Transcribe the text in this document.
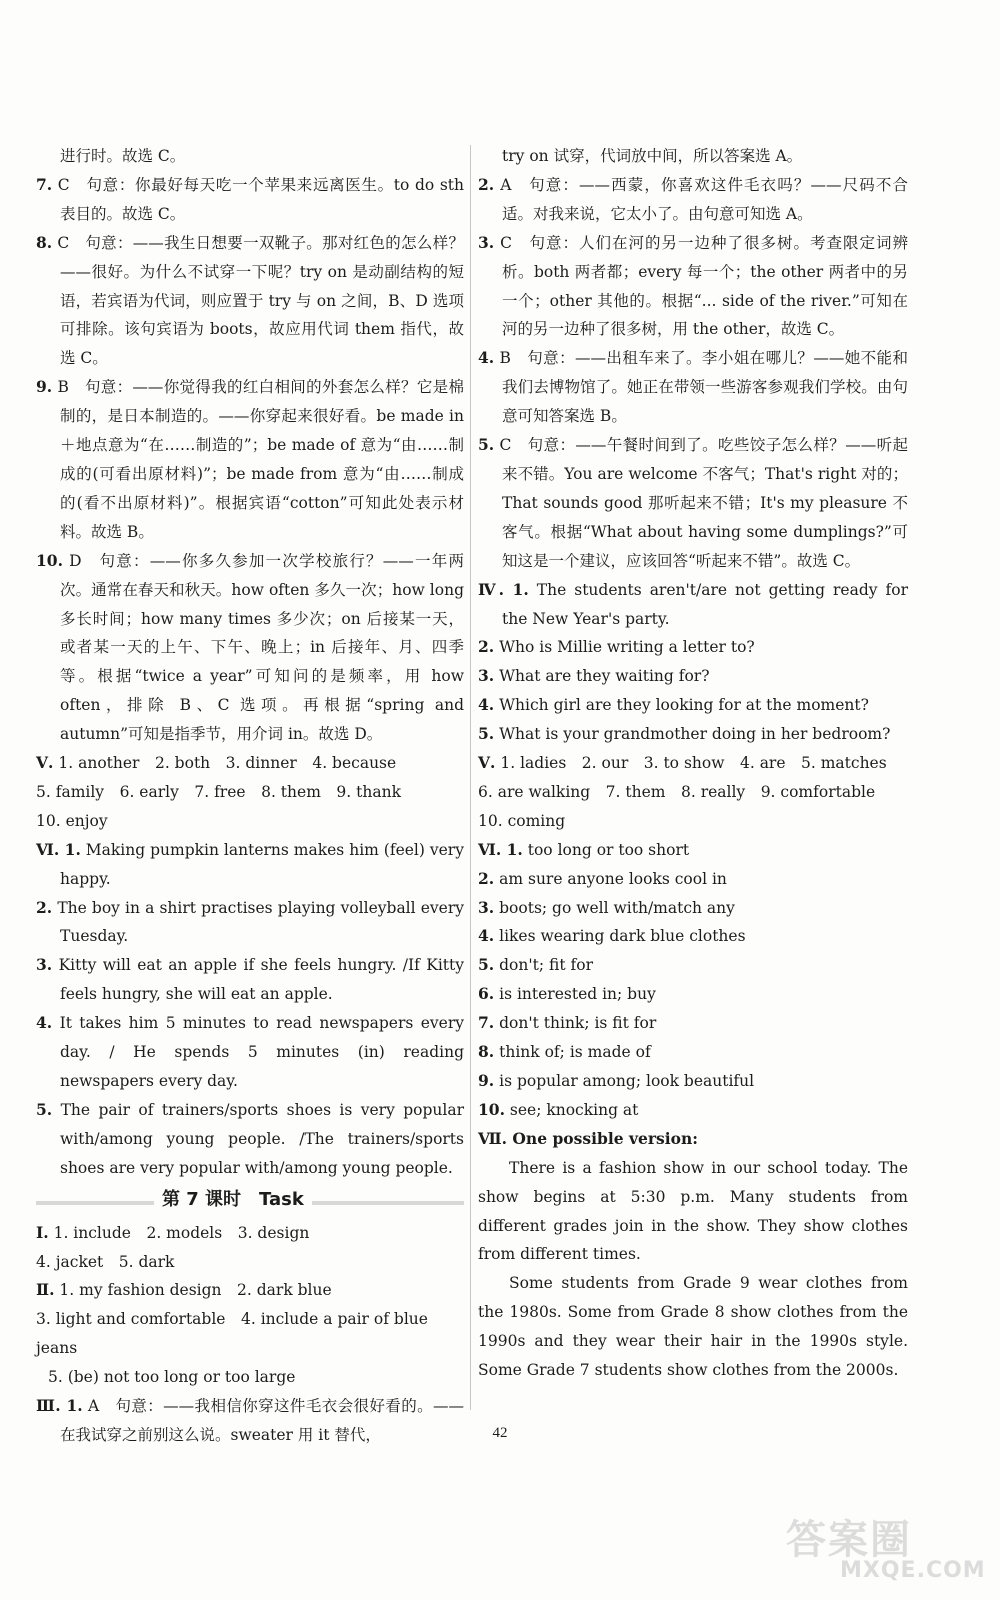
进行时。故选 C。
7. C　句意：你最好每天吃一个苹果来远离医生。to do sth 表目的。故选 C。
8. C　句意：——我生日想要一双靴子。那对红色的怎么样？——很好。为什么不试穿一下呢？try on 是动副结构的短语，若宾语为代词，则应置于 try 与 on 之间，B、D 选项可排除。该句宾语为 boots，故应用代词 them 指代，故选 C。
9. B　句意：——你觉得我的红白相间的外套怎么样？它是棉制的，是日本制造的。——你穿起来很好看。be made in＋地点意为“在……制造的”；be made of 意为“由……制成的(可看出原材料)”；be made from 意为“由……制成的(看不出原材料)”。根据宾语“cotton”可知此处表示材料。故选 B。
10. D　句意：——你多久参加一次学校旅行？——一年两次。通常在春天和秋天。how often 多久一次；how long 多长时间；how many times 多少次；on 后接某一天，或者某一天的上午、下午、晚上；in 后接年、月、四季等。根据“twice a year”可知问的是频率，用 how often，排除 B、C 选项。再根据“spring and autumn”可知是指季节，用介词 in。故选 D。
Ⅴ. 1. another　 2. both　 3. dinner　 4. because
5. family　 6. early　 7. free　 8. them　 9. thank
10. enjoy
Ⅵ. 1. Making pumpkin lanterns makes him (feel) very happy.
2. The boy in a shirt practises playing volleyball every Tuesday.
3. Kitty will eat an apple if she feels hungry. /If Kitty feels hungry, she will eat an apple.
4. It takes him 5 minutes to read newspapers every day. / He spends 5 minutes (in) reading newspapers every day.
5. The pair of trainers/sports shoes is very popular with/among young people. /The trainers/sports shoes are very popular with/among young people.
第 7 课时　Task
Ⅰ. 1. include　2. models　3. design
4. jacket　5. dark
Ⅱ. 1. my fashion design　2. dark blue
3. light and comfortable　4. include a pair of blue jeans
5. (be) not too long or too large
Ⅲ. 1. A　句意：——我相信你穿这件毛衣会很好看的。——在我试穿之前别这么说。sweater 用 it 替代，
try on 试穿，代词放中间，所以答案选 A。
2. A　句意：——西蒙，你喜欢这件毛衣吗？——尺码不合适。对我来说，它太小了。由句意可知选 A。
3. C　句意：人们在河的另一边种了很多树。考查限定词辨析。both 两者都；every 每一个；the other 两者中的另一个；other 其他的。根据“... side of the river.”可知在河的另一边种了很多树，用 the other，故选 C。
4. B　句意：——出租车来了。李小姐在哪儿？——她不能和我们去博物馆了。她正在带领一些游客参观我们学校。由句意可知答案选 B。
5. C　句意：——午餐时间到了。吃些饺子怎么样？——听起来不错。You are welcome 不客气；That's right 对的；That sounds good 那听起来不错；It's my pleasure 不客气。根据“What about having some dumplings?”可知这是一个建议，应该回答“听起来不错”。故选 C。
Ⅳ. 1. The students aren't/are not getting ready for the New Year's party.
2. Who is Millie writing a letter to?
3. What are they waiting for?
4. Which girl are they looking for at the moment?
5. What is your grandmother doing in her bedroom?
Ⅴ. 1. ladies　2. our　3. to show　4. are　5. matches
6. are walking　7. them　8. really　9. comfortable
10. coming
Ⅵ. 1. too long or too short
2. am sure anyone looks cool in
3. boots; go well with/match any
4. likes wearing dark blue clothes
5. don't; fit for
6. is interested in; buy
7. don't think; is fit for
8. think of; is made of
9. is popular among; look beautiful
10. see; knocking at
Ⅶ. One possible version:
There is a fashion show in our school today. The show begins at 5:30 p.m. Many students from different grades join in the show. They show clothes from different times.
Some students from Grade 9 wear clothes from the 1980s. Some from Grade 8 show clothes from the 1990s and they wear their hair in the 1990s style. Some Grade 7 students show clothes from the 2000s.
42
答案圈
MXQE.COM
